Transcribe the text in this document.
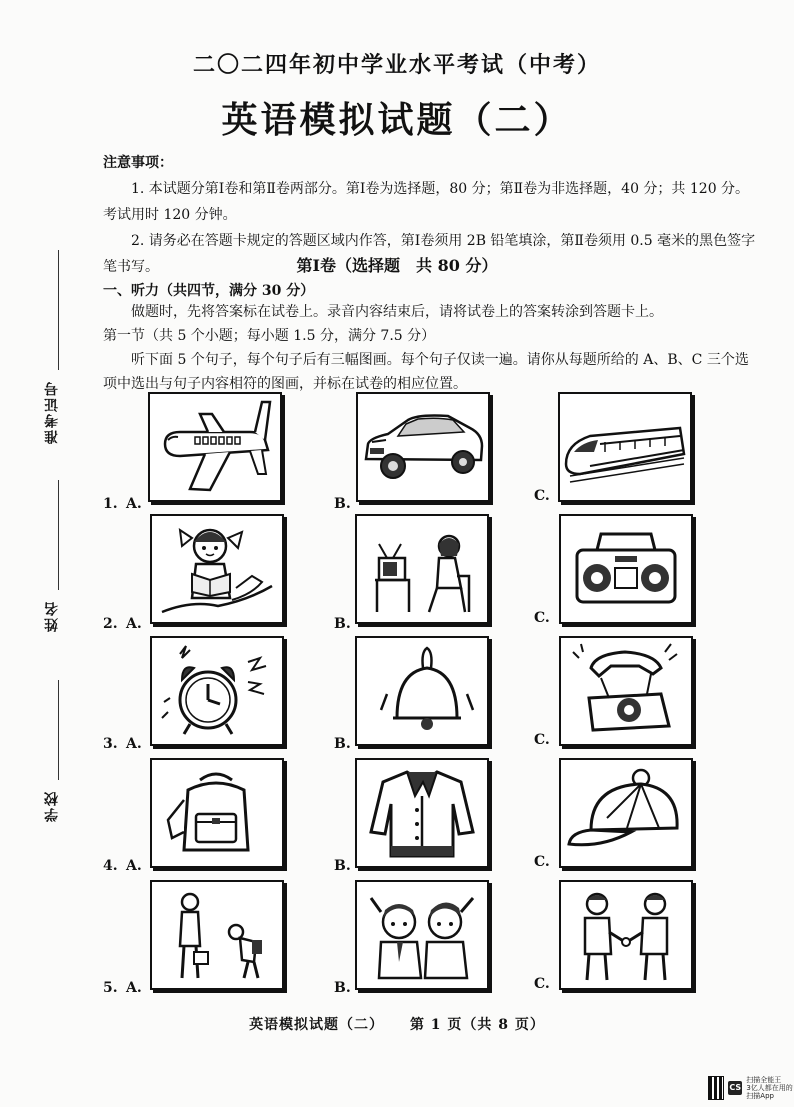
二〇二四年初中学业水平考试（中考）
英语模拟试题（二）

注意事项：

1. 本试题分第Ⅰ卷和第Ⅱ卷两部分。第Ⅰ卷为选择题，80 分；第Ⅱ卷为非选择题，40 分；共 120 分。考试用时 120 分钟。

2. 请务必在答题卡规定的答题区域内作答，第Ⅰ卷须用 2B 铅笔填涂，第Ⅱ卷须用 0.5 毫米的黑色签字笔书写。	第Ⅰ卷（选择题　共 80 分）
一、听力（共四节，满分 30 分）

做题时，先将答案标在试卷上。录音内容结束后，请将试卷上的答案转涂到答题卡上。

第一节（共 5 个小题；每小题 1.5 分，满分 7.5 分）

听下面 5 个句子，每个句子后有三幅图画。每个句子仅读一遍。请你从每题所给的 A、B、C 三个选项中选出与句子内容相符的图画，并标在试卷的相应位置。

准考证号
姓名
学校
1. A.	B.	C.
2. A.	B.	C.
3. A.	B.	C.
4. A.	B.	C.
5. A.	B.	C.
英语模拟试题（二） 第 1 页（共 8 页）
CS
扫描全能王
3亿人都在用的扫描App
